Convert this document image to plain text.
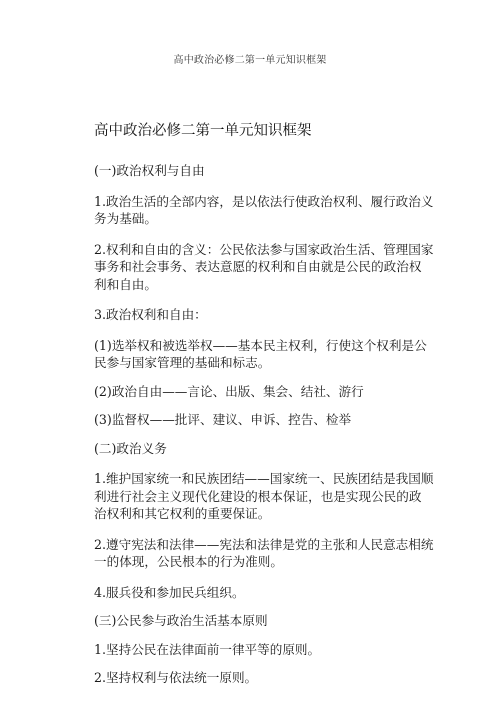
高中政治必修二第一单元知识框架
高中政治必修二第一单元知识框架

(一)政治权利与自由

1.政治生活的全部内容，是以依法行使政治权利、履行政治义务为基础。

2.权利和自由的含义：公民依法参与国家政治生活、管理国家事务和社会事务、表达意愿的权利和自由就是公民的政治权利和自由。

3.政治权利和自由：

(1)选举权和被选举权——基本民主权利，行使这个权利是公民参与国家管理的基础和标志。

(2)政治自由——言论、出版、集会、结社、游行

(3)监督权——批评、建议、申诉、控告、检举

(二)政治义务

1.维护国家统一和民族团结——国家统一、民族团结是我国顺利进行社会主义现代化建设的根本保证，也是实现公民的政治权利和其它权利的重要保证。

2.遵守宪法和法律——宪法和法律是党的主张和人民意志相统一的体现，公民根本的行为准则。

4.服兵役和参加民兵组织。

(三)公民参与政治生活基本原则

1.坚持公民在法律面前一律平等的原则。

2.坚持权利与依法统一原则。
